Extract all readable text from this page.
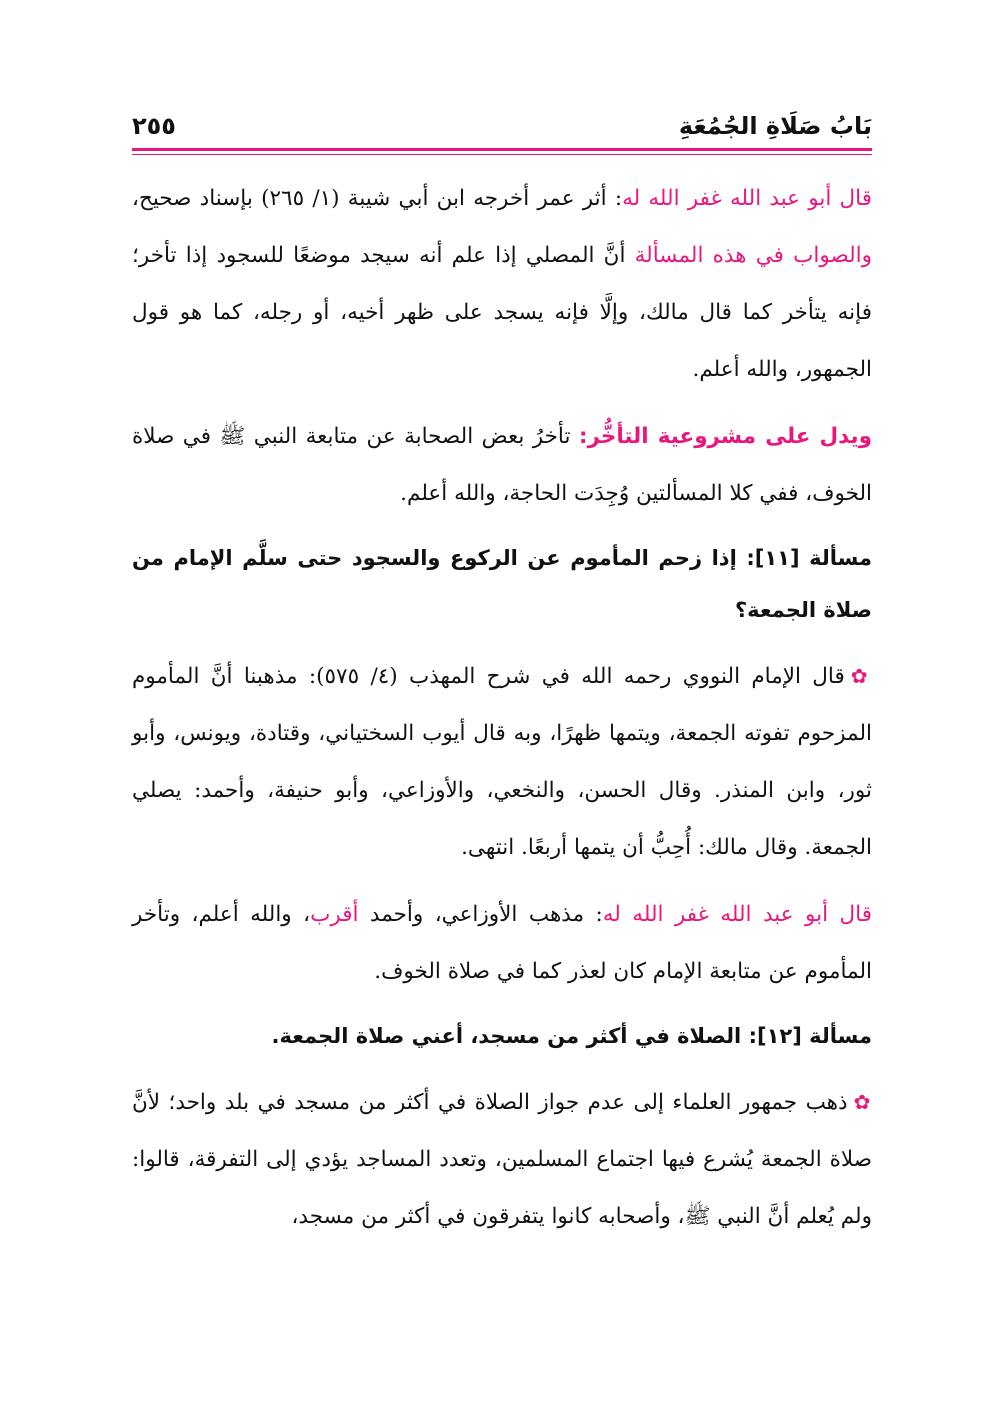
بَابُ صَلَاةِ الجُمُعَةِ
٢٥٥

قال أبو عبد الله غفر الله له: أثر عمر أخرجه ابن أبي شيبة (١/ ٢٦٥) بإسناد صحيح، والصواب في هذه المسألة أنَّ المصلي إذا علم أنه سيجد موضعًا للسجود إذا تأخر؛ فإنه يتأخر كما قال مالك، وإلَّا فإنه يسجد على ظهر أخيه، أو رجله، كما هو قول الجمهور، والله أعلم.

ويدل على مشروعية التأخُّر: تأخرُ بعض الصحابة عن متابعة النبي ﷺ في صلاة الخوف، ففي كلا المسألتين وُجِدَت الحاجة، والله أعلم.

مسألة [١١]: إذا زحم المأموم عن الركوع والسجود حتى سلَّم الإمام من صلاة الجمعة؟

✿قال الإمام النووي رحمه الله في شرح المهذب (٤/ ٥٧٥): مذهبنا أنَّ المأموم المزحوم تفوته الجمعة، ويتمها ظهرًا، وبه قال أيوب السختياني، وقتادة، ويونس، وأبو ثور، وابن المنذر. وقال الحسن، والنخعي، والأوزاعي، وأبو حنيفة، وأحمد: يصلي الجمعة. وقال مالك: أُحِبُّ أن يتمها أربعًا. انتهى.

قال أبو عبد الله غفر الله له: مذهب الأوزاعي، وأحمد أقرب، والله أعلم، وتأخر المأموم عن متابعة الإمام كان لعذر كما في صلاة الخوف.

مسألة [١٢]: الصلاة في أكثر من مسجد، أعني صلاة الجمعة.

✿ذهب جمهور العلماء إلى عدم جواز الصلاة في أكثر من مسجد في بلد واحد؛ لأنَّ صلاة الجمعة يُشرع فيها اجتماع المسلمين، وتعدد المساجد يؤدي إلى التفرقة، قالوا: ولم يُعلم أنَّ النبي ﷺ، وأصحابه كانوا يتفرقون في أكثر من مسجد،
